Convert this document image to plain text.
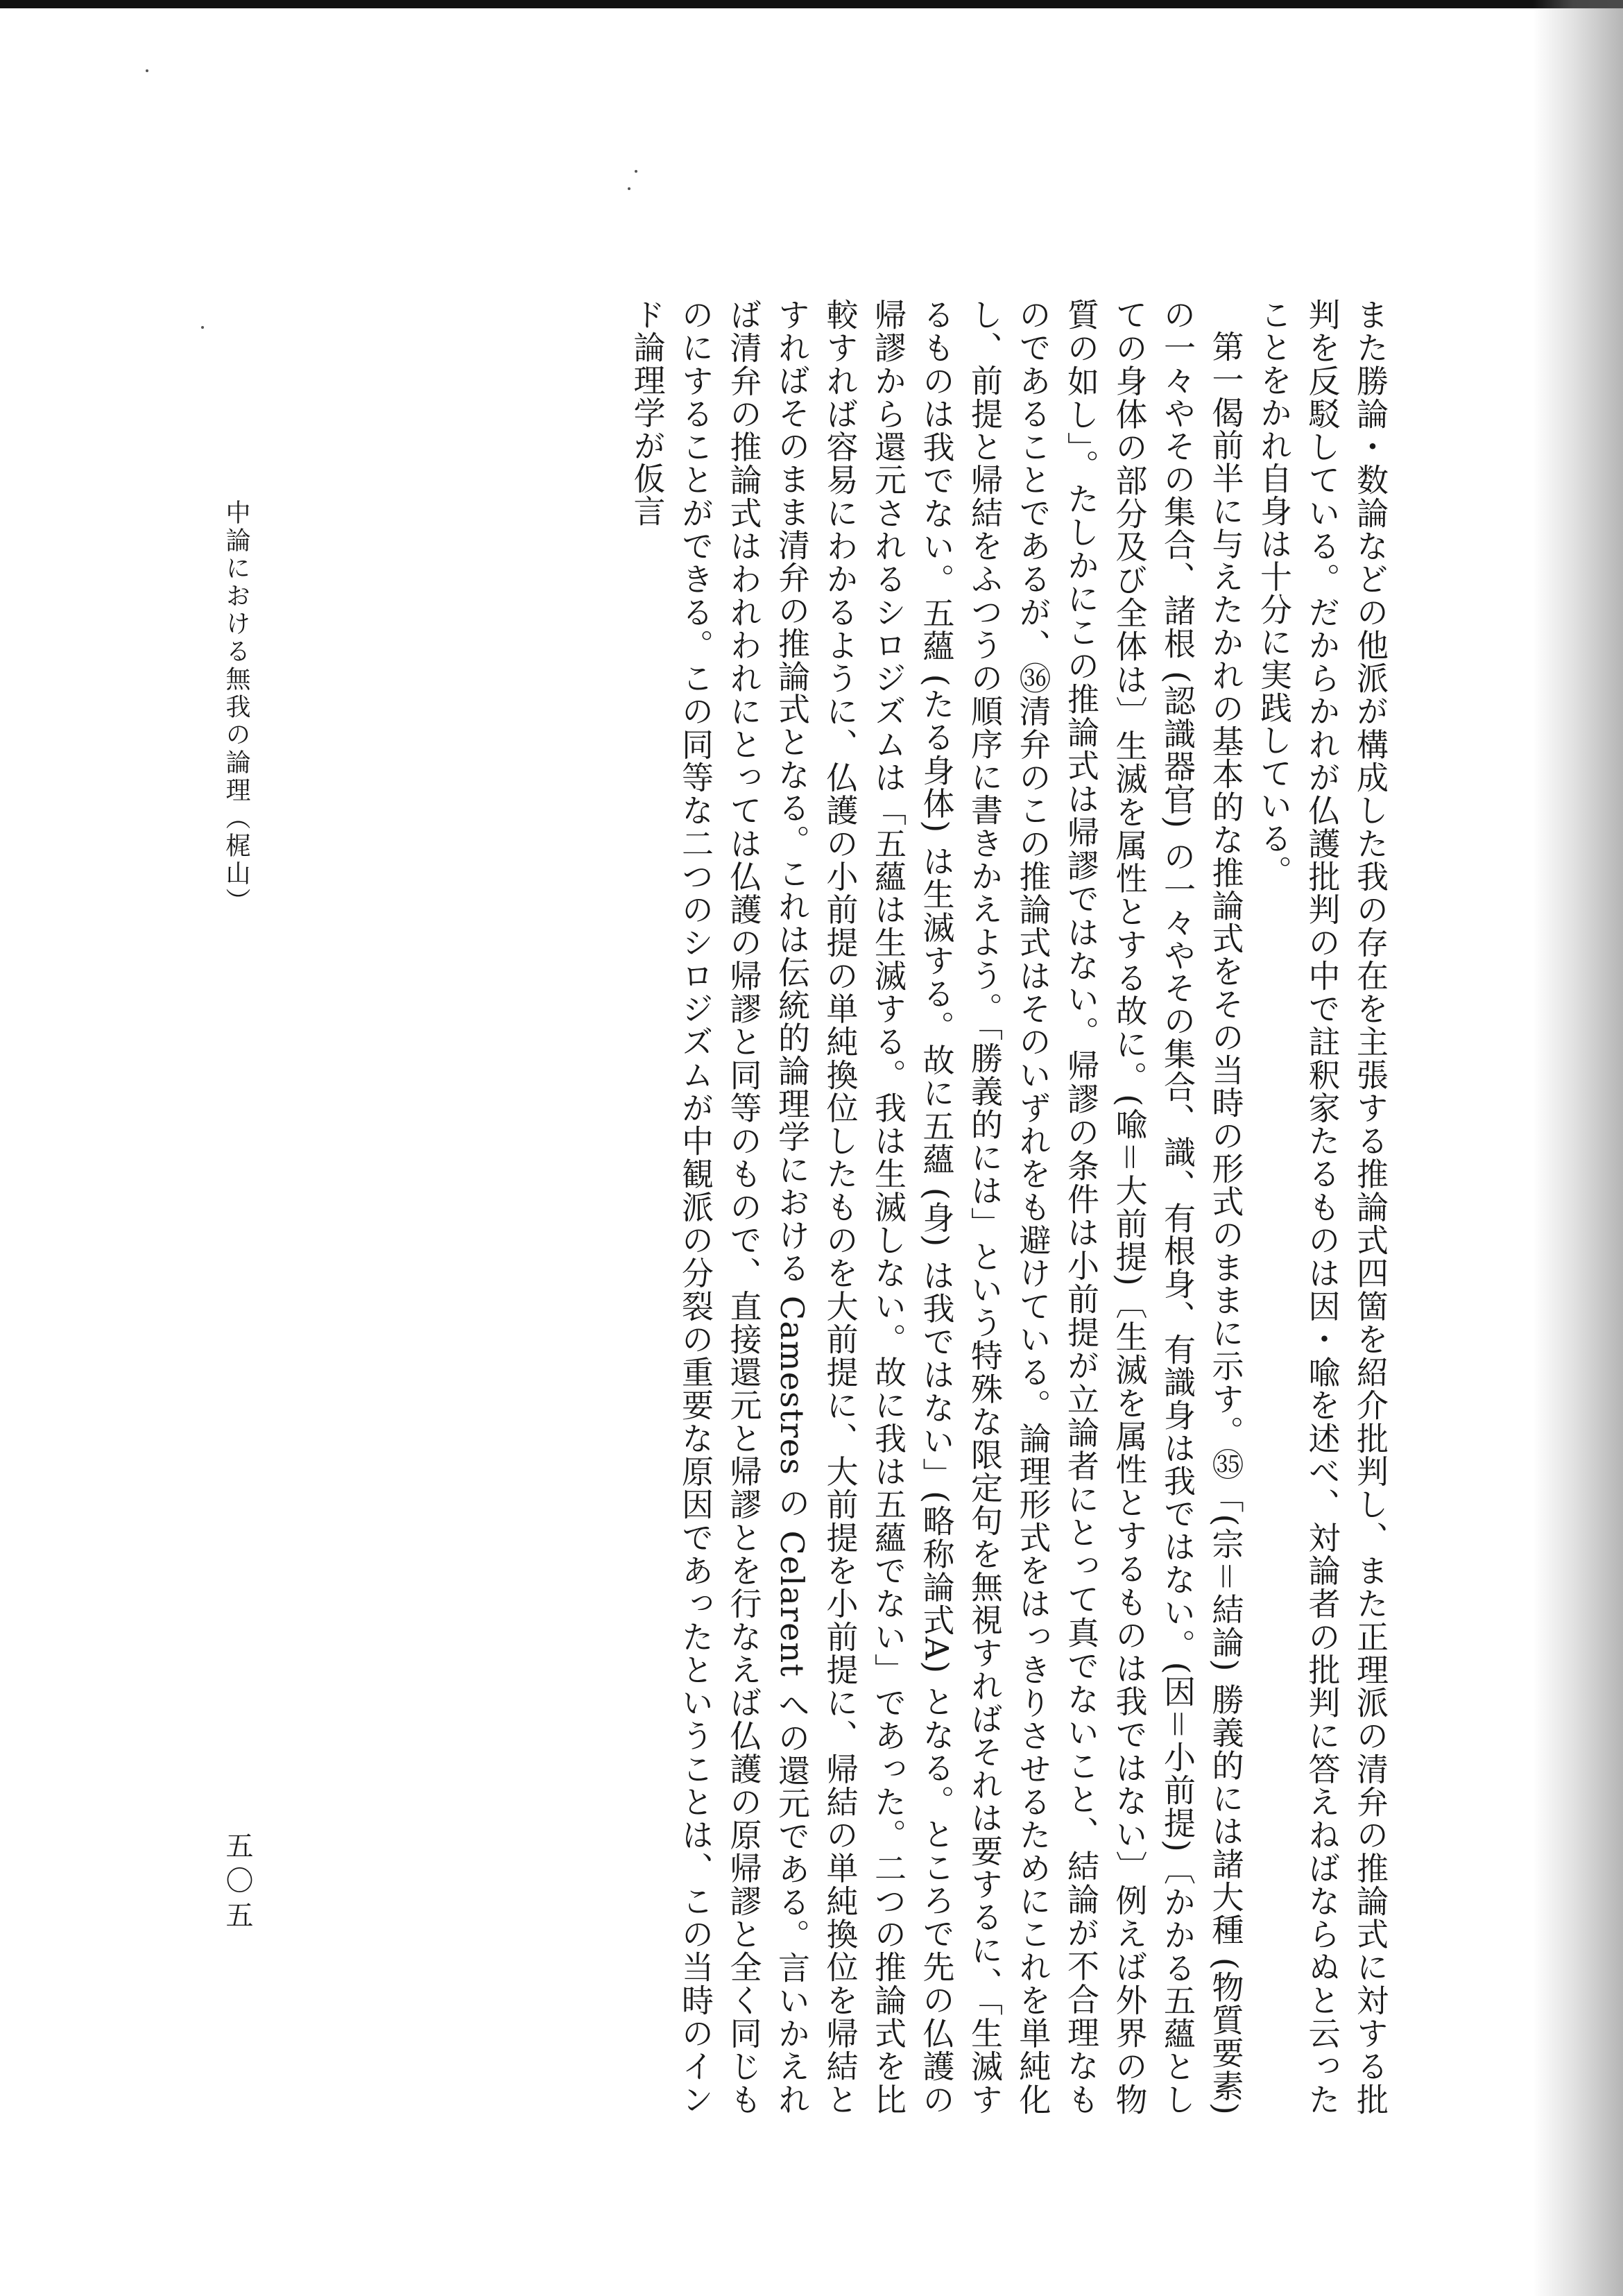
また勝論・数論などの他派が構成した我の存在を主張する推論式四箇を紹介批判し、また正理派の清弁の推論式に対する批判を反駁している。だからかれが仏護批判の中で註釈家たるものは因・喩を述べ、対論者の批判に答えねばならぬと云ったことをかれ自身は十分に実践している。

第一偈前半に与えたかれの基本的な推論式をその当時の形式のままに示す。㉟「(宗＝結論) 勝義的には諸大種 (物質要素) の一々やその集合、諸根 (認識器官) の一々やその集合、識、有根身、有識身は我ではない。(因＝小前提)〔かかる五蘊としての身体の部分及び全体は〕生滅を属性とする故に。(喩＝大前提)〔生滅を属性とするものは我ではない〕例えば外界の物質の如し」。たしかにこの推論式は帰謬ではない。帰謬の条件は小前提が立論者にとって真でないこと、結論が不合理なものであることであるが、㊱清弁のこの推論式はそのいずれをも避けている。論理形式をはっきりさせるためにこれを単純化し、前提と帰結をふつうの順序に書きかえよう。「勝義的には」という特殊な限定句を無視すればそれは要するに、「生滅するものは我でない。五蘊 (たる身体) は生滅する。故に五蘊 (身) は我ではない」(略称論式A) となる。ところで先の仏護の帰謬から還元されるシロジズムは「五蘊は生滅する。我は生滅しない。故に我は五蘊でない」であった。二つの推論式を比較すれば容易にわかるように、仏護の小前提の単純換位したものを大前提に、大前提を小前提に、帰結の単純換位を帰結とすればそのまま清弁の推論式となる。これは伝統的論理学における Camestres の Celarent への還元である。言いかえれば清弁の推論式はわれわれにとっては仏護の帰謬と同等のもので、直接還元と帰謬とを行なえば仏護の原帰謬と全く同じものにすることができる。この同等な二つのシロジズムが中観派の分裂の重要な原因であったということは、この当時のインド論理学が仮言

中論における無我の論理（梶山）
五〇五
